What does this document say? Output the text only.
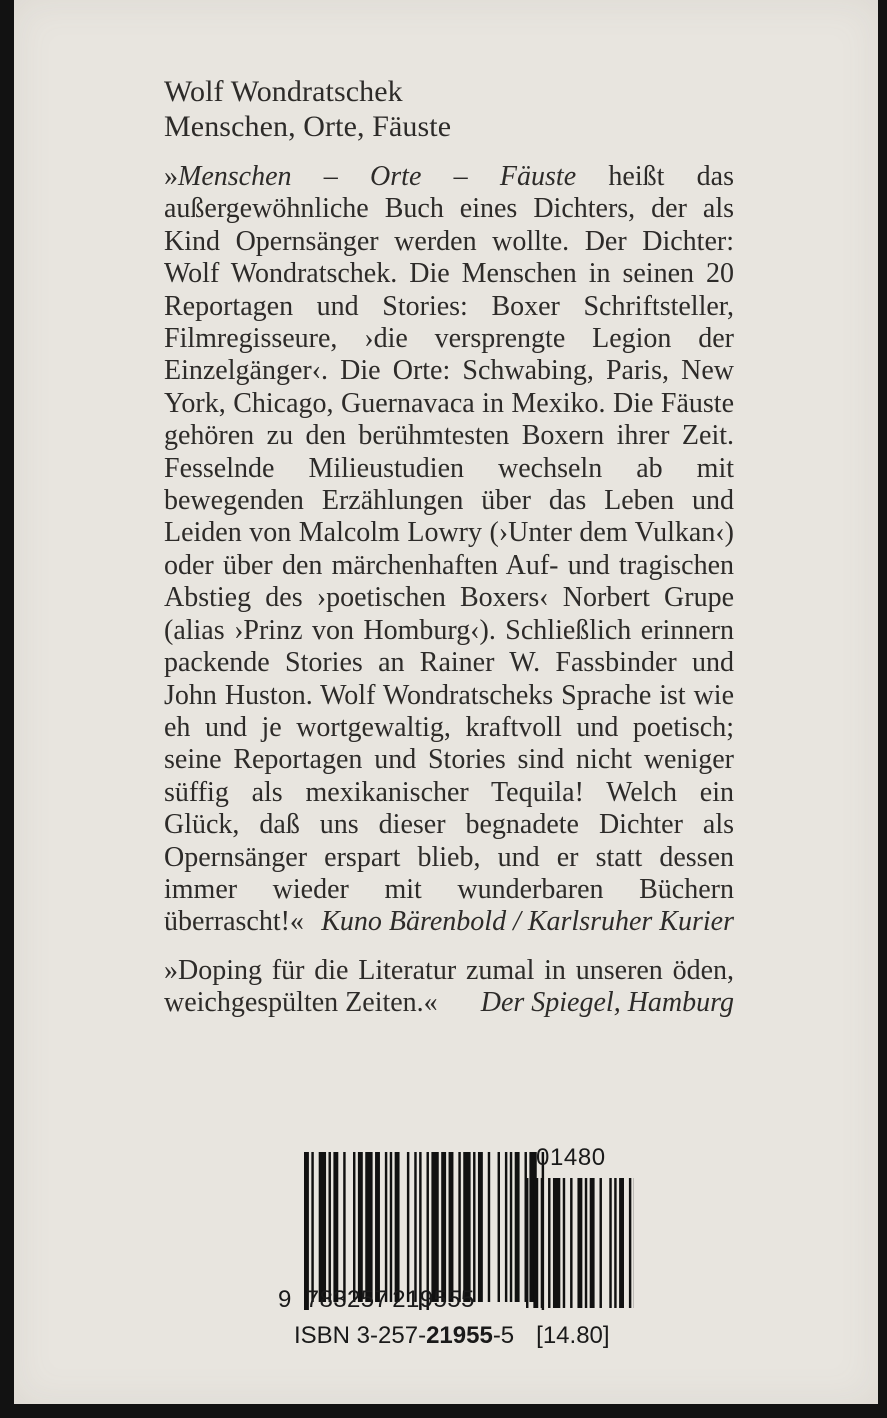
Wolf Wondratschek
Menschen, Orte, Fäuste

»Menschen – Orte – Fäuste heißt das außergewöhnliche Buch eines Dichters, der als Kind Opernsänger werden wollte. Der Dichter: Wolf Wondratschek. Die Menschen in seinen 20 Reportagen und Stories: Boxer Schriftsteller, Filmregisseure, ›die versprengte Legion der Einzelgänger‹. Die Orte: Schwabing, Paris, New York, Chicago, Guernavaca in Mexiko. Die Fäuste gehören zu den berühmtesten Boxern ihrer Zeit. Fesselnde Milieustudien wechseln ab mit bewegenden Erzählungen über das Leben und Leiden von Malcolm Lowry (›Unter dem Vulkan‹) oder über den märchenhaften Auf- und tragischen Abstieg des ›poetischen Boxers‹ Norbert Grupe (alias ›Prinz von Homburg‹). Schließlich erinnern packende Stories an Rainer W. Fassbinder und John Huston. Wolf Wondratscheks Sprache ist wie eh und je wortgewaltig, kraftvoll und poetisch; seine Reportagen und Stories sind nicht weniger süffig als mexikanischer Tequila! Welch ein Glück, daß uns dieser begnadete Dichter als Opernsänger erspart blieb, und er statt dessen immer wieder mit wunderbaren Büchern überrascht!« Kuno Bärenbold / Karlsruher Kurier

»Doping für die Literatur zumal in unseren öden, weichgespülten Zeiten.« Der Spiegel, Hamburg

01480
9 783257 219555
ISBN 3-257-21955-5 [14.80]
